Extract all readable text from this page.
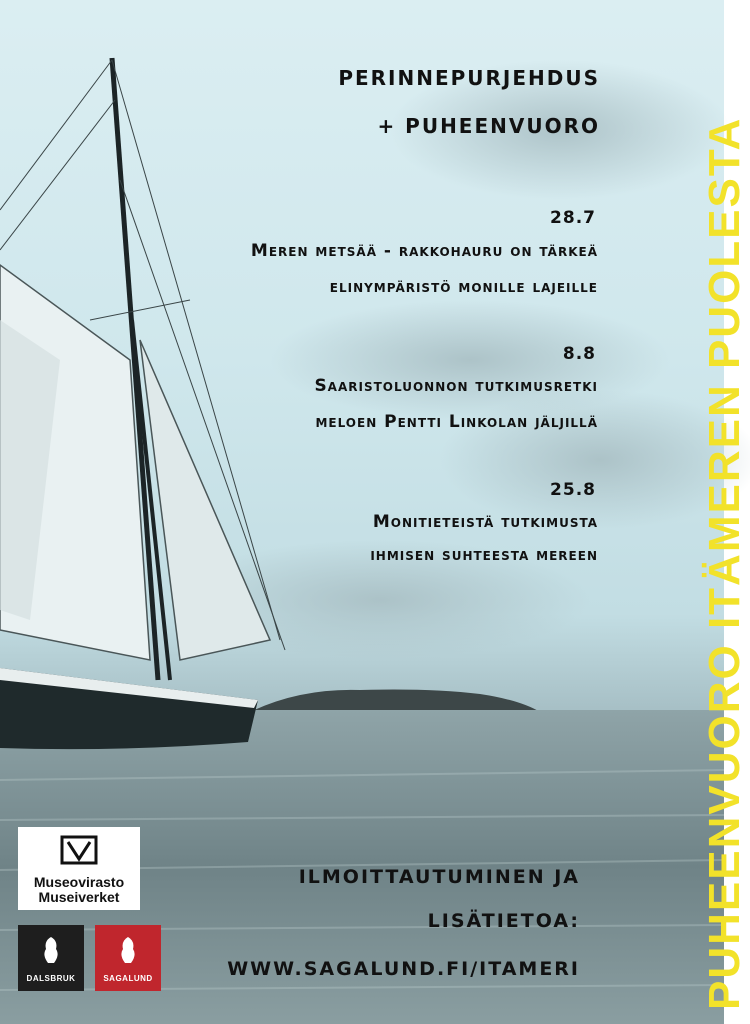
PERINNEPURJEHDUS
+ PUHEENVUORO
28.7
Meren metsää - rakkohauru on tärkeä
elinympäristö monille lajeille
8.8
Saaristoluonnon tutkimusretki
meloen Pentti Linkolan jäljillä
25.8
Monitieteistä tutkimusta
ihmisen suhteesta mereen
ILMOITTAUTUMINEN JA
LISÄTIETOA:
WWW.SAGALUND.FI/ITAMERI	PUHEENVUORO ITÄMEREN PUOLESTA
Museovirasto
Museiverket
DALSBRUK	SAGALUND
